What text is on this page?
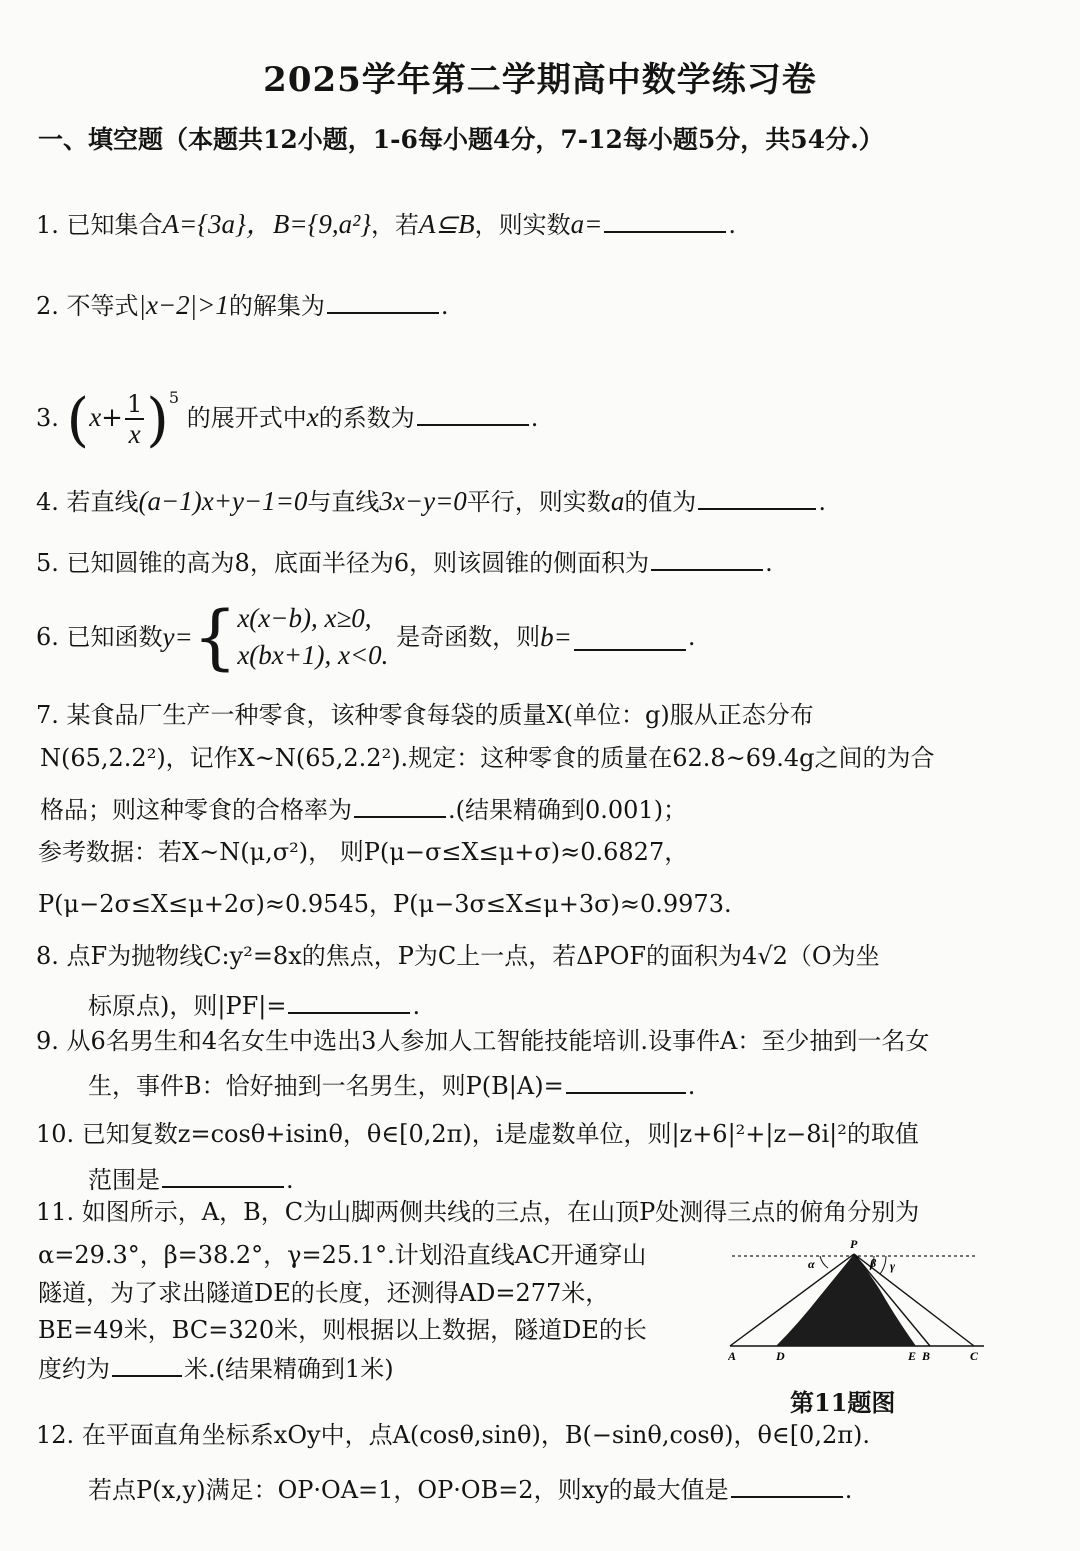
2025学年第二学期高中数学练习卷
一、填空题（本题共12小题，1-6每小题4分，7-12每小题5分，共54分.）
1. 已知集合A={3a}，B={9,a²}，若A⊆B，则实数a=	.
2. 不等式|x−2|>1的解集为	.
3. $(x+ \frac{1}{x} )^5$ 的展开式中x的系数为	.
4. 若直线(a−1)x+y−1=0与直线3x−y=0平行，则实数a的值为	.
5. 已知圆锥的高为8，底面半径为6，则该圆锥的侧面积为	.
6. 已知函数y={ x(x−b), x≥0,
x(bx+1), x<0.
是奇函数，则b=	.
7. 某食品厂生产一种零食，该种零食每袋的质量X(单位：g)服从正态分布
N(65,2.2²)，记作X~N(65,2.2²).规定：这种零食的质量在62.8~69.4g之间的为合
格品；则这种零食的合格率为	.(结果精确到0.001)；
参考数据：若X~N(μ,σ²)， 则P(μ−σ≤X≤μ+σ)≈0.6827，
P(μ−2σ≤X≤μ+2σ)≈0.9545，P(μ−3σ≤X≤μ+3σ)≈0.9973.
8. 点F为抛物线C:y²=8x的焦点，P为C上一点，若ΔPOF的面积为4√2（O为坐
标原点)，则|PF|=	.
9. 从6名男生和4名女生中选出3人参加人工智能技能培训.设事件A：至少抽到一名女
生，事件B：恰好抽到一名男生，则P(B|A)=	.
10. 已知复数z=cosθ+isinθ，θ∈[0,2π)，i是虚数单位，则|z+6|²+|z−8i|²的取值
范围是	.
11. 如图所示，A，B，C为山脚两侧共线的三点，在山顶P处测得三点的俯角分别为
α=29.3°，β=38.2°，γ=25.1°.计划沿直线AC开通穿山
隧道，为了求出隧道DE的长度，还测得AD=277米，
BE=49米，BC=320米，则根据以上数据，隧道DE的长
度约为	米.(结果精确到1米)
P
α	β γ
A	D	E B	C
第11题图
12. 在平面直角坐标系xOy中，点A(cosθ,sinθ)，B(−sinθ,cosθ)，θ∈[0,2π).
若点P(x,y)满足：OP·OA=1，OP·OB=2，则xy的最大值是	.
